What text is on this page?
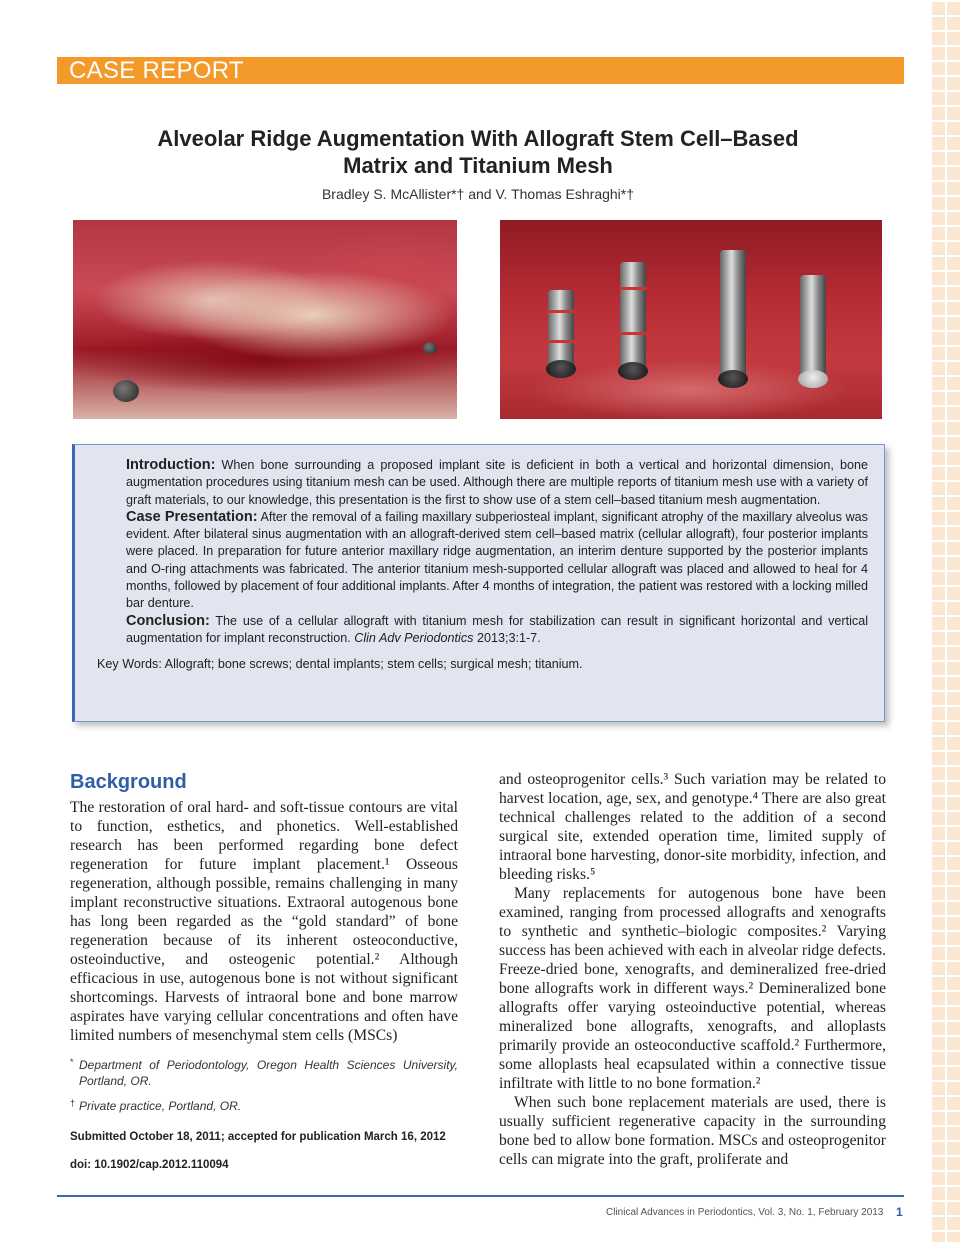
CASE REPORT
Alveolar Ridge Augmentation With Allograft Stem Cell–Based
Matrix and Titanium Mesh
Bradley S. McAllister*† and V. Thomas Eshraghi*†

Introduction: When bone surrounding a proposed implant site is deficient in both a vertical and horizontal dimension, bone augmentation procedures using titanium mesh can be used. Although there are multiple reports of titanium mesh use with a variety of graft materials, to our knowledge, this presentation is the first to show use of a stem cell–based titanium mesh augmentation.

Case Presentation: After the removal of a failing maxillary subperiosteal implant, significant atrophy of the maxillary alveolus was evident. After bilateral sinus augmentation with an allograft-derived stem cell–based matrix (cellular allograft), four posterior implants were placed. In preparation for future anterior maxillary ridge augmentation, an interim denture supported by the posterior implants and O-ring attachments was fabricated. The anterior titanium mesh-supported cellular allograft was placed and allowed to heal for 4 months, followed by placement of four additional implants. After 4 months of integration, the patient was restored with a locking milled bar denture.

Conclusion: The use of a cellular allograft with titanium mesh for stabilization can result in significant horizontal and vertical augmentation for implant reconstruction. Clin Adv Periodontics 2013;3:1-7.

Key Words: Allograft; bone screws; dental implants; stem cells; surgical mesh; titanium.

Background

The restoration of oral hard- and soft-tissue contours are vital to function, esthetics, and phonetics. Well-established research has been performed regarding bone defect regeneration for future implant placement.¹ Osseous regeneration, although possible, remains challenging in many implant reconstructive situations. Extraoral autogenous bone has long been regarded as the “gold standard” of bone regeneration because of its inherent osteoconductive, osteoinductive, and osteogenic potential.² Although efficacious in use, autogenous bone is not without significant shortcomings. Harvests of intraoral bone and bone marrow aspirates have varying cellular concentrations and often have limited numbers of mesenchymal stem cells (MSCs)

and osteoprogenitor cells.³ Such variation may be related to harvest location, age, sex, and genotype.⁴ There are also great technical challenges related to the addition of a second surgical site, extended operation time, limited supply of intraoral bone harvesting, donor-site morbidity, infection, and bleeding risks.⁵

Many replacements for autogenous bone have been examined, ranging from processed allografts and xenografts to synthetic and synthetic–biologic composites.² Varying success has been achieved with each in alveolar ridge defects. Freeze-dried bone, xenografts, and demineralized free-dried bone allografts work in different ways.² Demineralized bone allografts offer varying osteoinductive potential, whereas mineralized bone allografts, xenografts, and alloplasts primarily provide an osteoconductive scaffold.² Furthermore, some alloplasts heal ecapsulated within a connective tissue infiltrate with little to no bone formation.²

When such bone replacement materials are used, there is usually sufficient regenerative capacity in the surrounding bone bed to allow bone formation. MSCs and osteoprogenitor cells can migrate into the graft, proliferate and

* Department of Periodontology, Oregon Health Sciences University, Portland, OR.
† Private practice, Portland, OR.
Submitted October 18, 2011; accepted for publication March 16, 2012
doi: 10.1902/cap.2012.110094
Clinical Advances in Periodontics, Vol. 3, No. 1, February 2013 1
